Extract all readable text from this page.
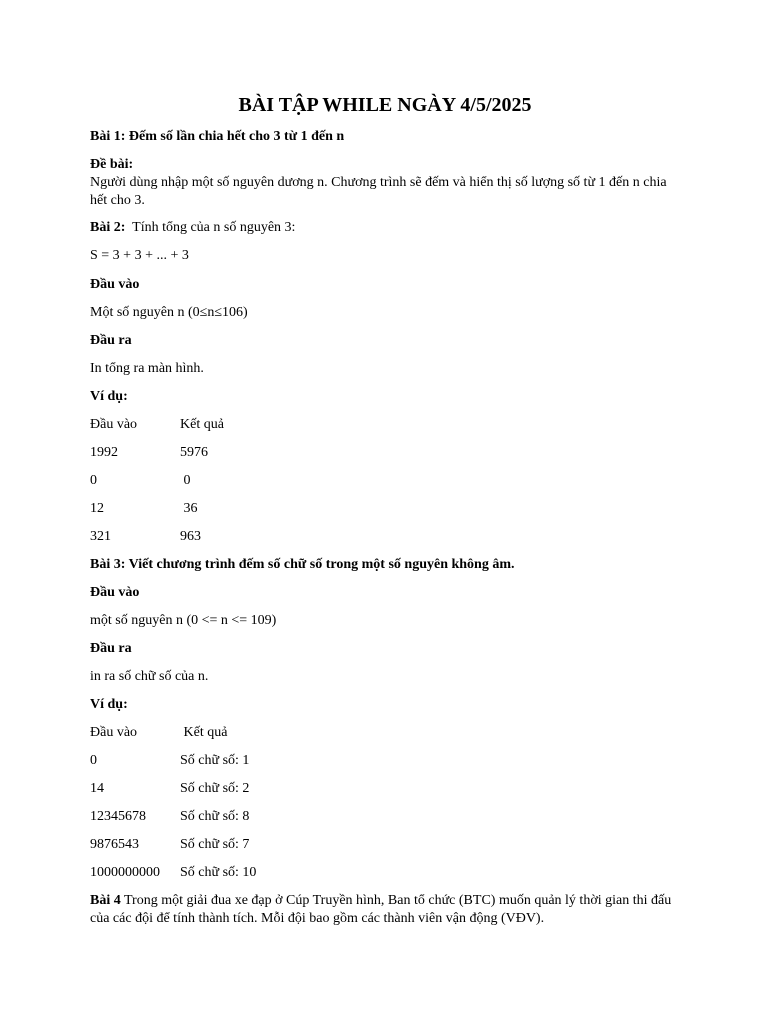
BÀI TẬP WHILE NGÀY 4/5/2025
Bài 1: Đếm số lần chia hết cho 3 từ 1 đến n
Đề bài:
Người dùng nhập một số nguyên dương n. Chương trình sẽ đếm và hiển thị số lượng số từ 1 đến n chia hết cho 3.
Bài 2:  Tính tổng của n số nguyên 3:
S = 3 + 3 + ... + 3
Đầu vào
Một số nguyên n (0≤n≤106)
Đầu ra
In tổng ra màn hình.
Ví dụ:
Đầu vào	Kết quả
1992	5976
0	0
12	36
321	963
Bài 3: Viết chương trình đếm số chữ số trong một số nguyên không âm.
Đầu vào
một số nguyên n (0 <= n <= 109)
Đầu ra
in ra số chữ số của n.
Ví dụ:
Đầu vào	Kết quả
0	Số chữ số: 1
14	Số chữ số: 2
12345678 Số chữ số: 8
9876543	Số chữ số: 7
1000000000 Số chữ số: 10
Bài 4 Trong một giải đua xe đạp ở Cúp Truyền hình, Ban tổ chức (BTC) muốn quản lý thời gian thi đấu của các đội để tính thành tích. Mỗi đội bao gồm các thành viên vận động (VĐV).
